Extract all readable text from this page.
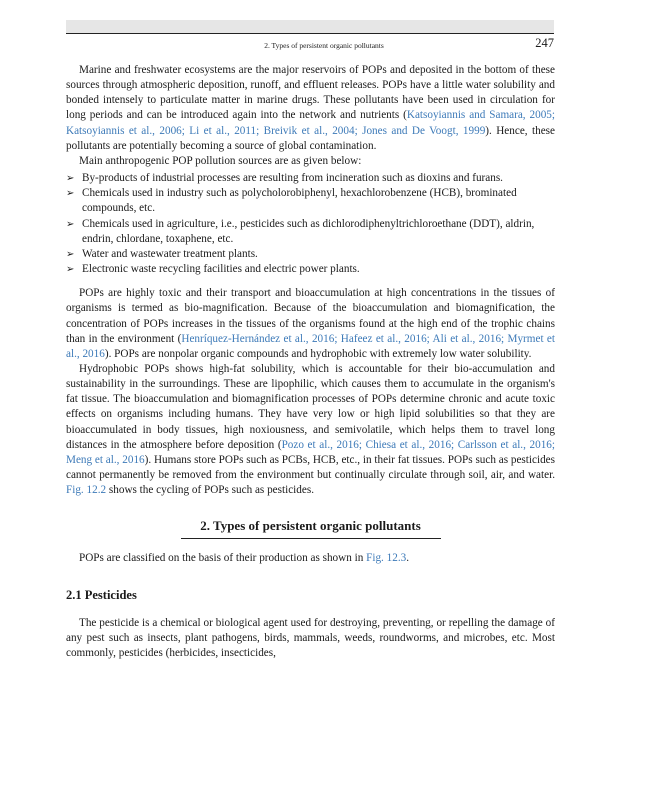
2. Types of persistent organic pollutants	247

Marine and freshwater ecosystems are the major reservoirs of POPs and deposited in the bottom of these sources through atmospheric deposition, runoff, and effluent releases. POPs have a little water solubility and bonded intensely to particulate matter in marine drugs. These pollutants have been used in circulation for long periods and can be introduced again into the network and nutrients (Katsoyiannis and Samara, 2005; Katsoyiannis et al., 2006; Li et al., 2011; Breivik et al., 2004; Jones and De Voogt, 1999). Hence, these pollutants are potentially becoming a source of global contamination.

Main anthropogenic POP pollution sources are as given below:

➢ By-products of industrial processes are resulting from incineration such as dioxins and furans.
➢ Chemicals used in industry such as polycholorobiphenyl, hexachlorobenzene (HCB), brominated compounds, etc.
➢ Chemicals used in agriculture, i.e., pesticides such as dichlorodiphenyltrichloroethane (DDT), aldrin, endrin, chlordane, toxaphene, etc.
➢ Water and wastewater treatment plants.
➢ Electronic waste recycling facilities and electric power plants.

POPs are highly toxic and their transport and bioaccumulation at high concentrations in the tissues of organisms is termed as bio-magnification. Because of the bioaccumulation and biomagnification, the concentration of POPs increases in the tissues of the organisms found at the high end of the trophic chains than in the environment (Henríquez-Hernández et al., 2016; Hafeez et al., 2016; Ali et al., 2016; Myrmet et al., 2016). POPs are nonpolar organic compounds and hydrophobic with extremely low water solubility.

Hydrophobic POPs shows high-fat solubility, which is accountable for their bio-accumulation and sustainability in the surroundings. These are lipophilic, which causes them to accumulate in the organism's fat tissue. The bioaccumulation and biomagnification processes of POPs determine chronic and acute toxic effects on organisms including humans. They have very low or high lipid solubilities so that they are bioaccumulated in body tissues, high noxiousness, and semivolatile, which helps them to travel long distances in the atmosphere before deposition (Pozo et al., 2016; Chiesa et al., 2016; Carlsson et al., 2016; Meng et al., 2016). Humans store POPs such as PCBs, HCB, etc., in their fat tissues. POPs such as pesticides cannot permanently be removed from the environment but continually circulate through soil, air, and water. Fig. 12.2 shows the cycling of POPs such as pesticides.

2. Types of persistent organic pollutants

POPs are classified on the basis of their production as shown in Fig. 12.3.

2.1 Pesticides

The pesticide is a chemical or biological agent used for destroying, preventing, or repelling the damage of any pest such as insects, plant pathogens, birds, mammals, weeds, roundworms, and microbes, etc. Most commonly, pesticides (herbicides, insecticides,
